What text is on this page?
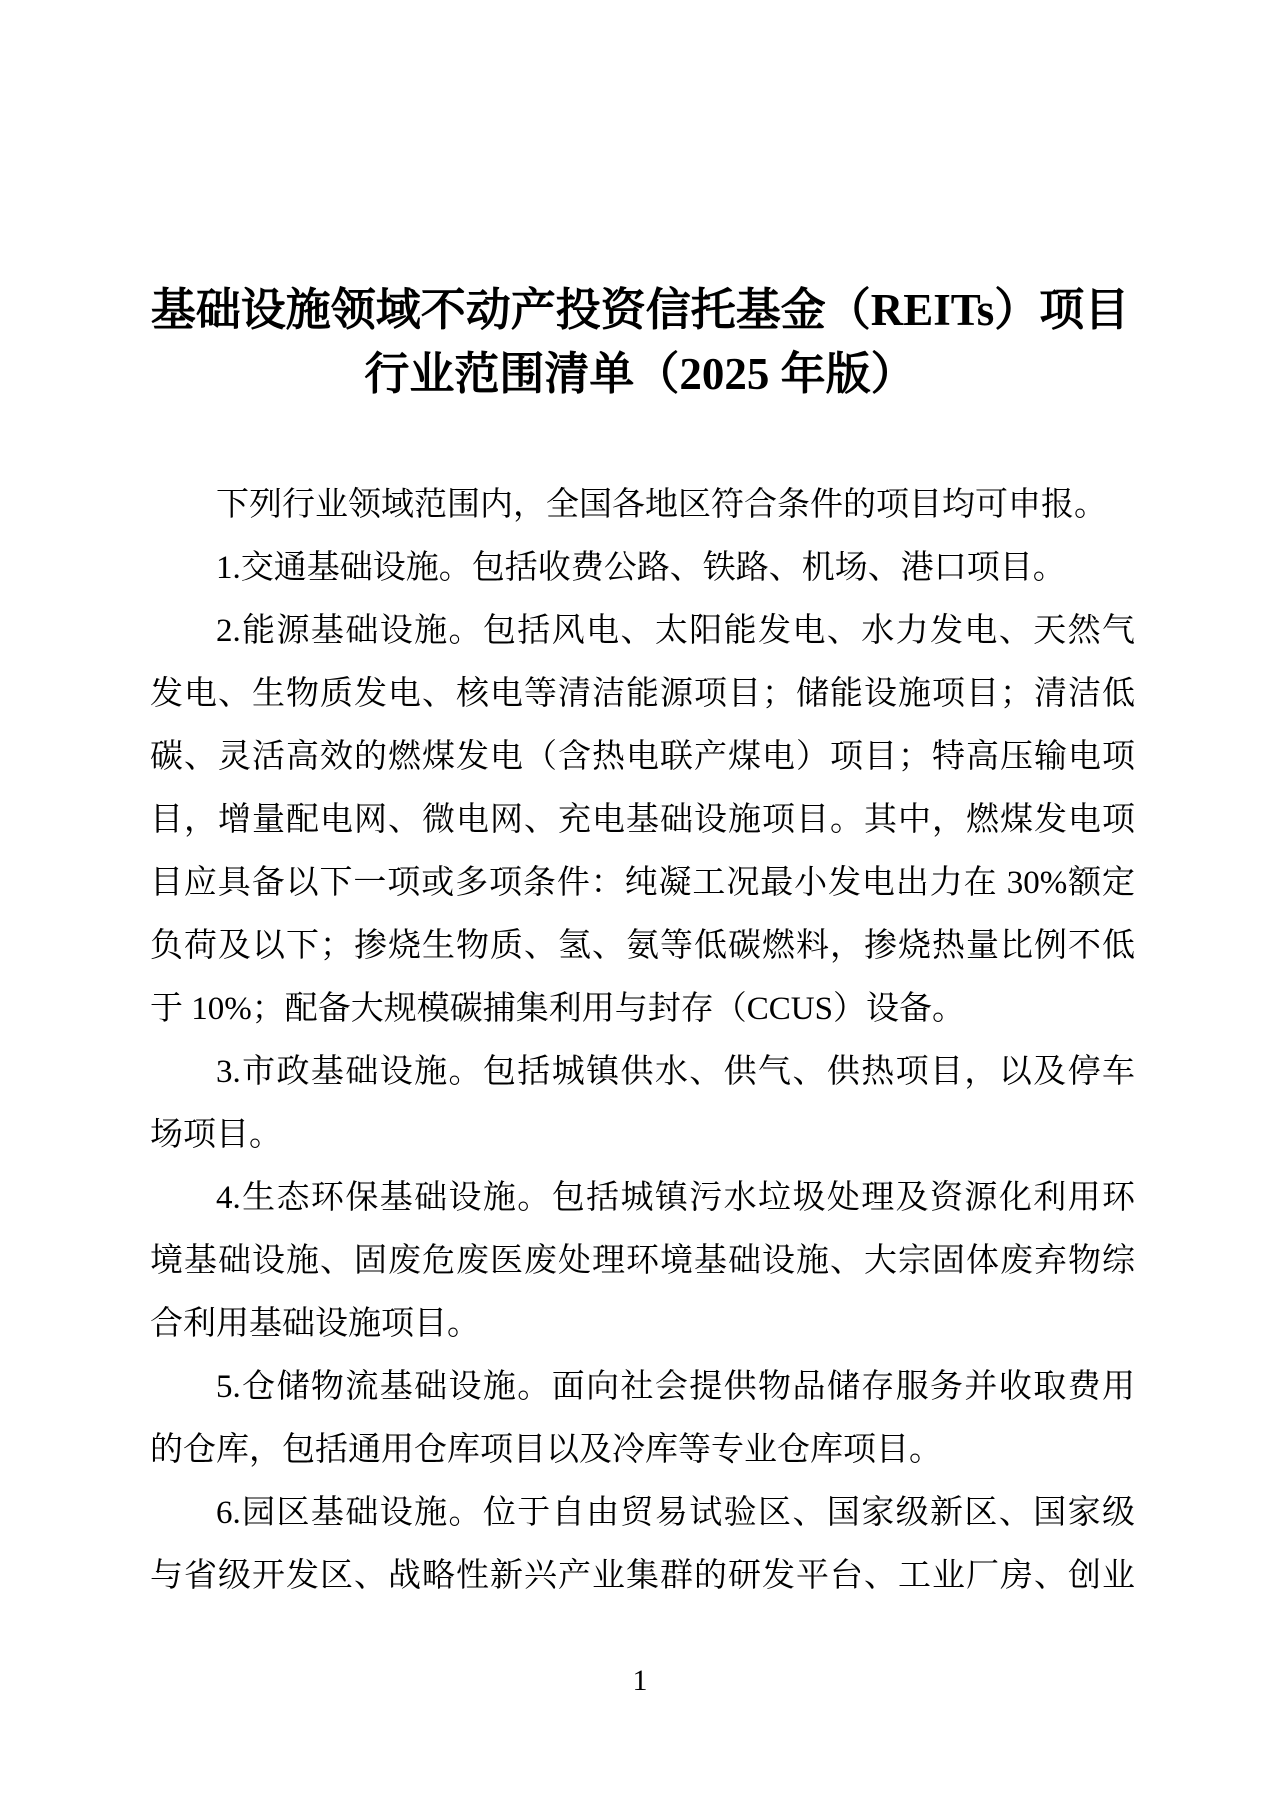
基础设施领域不动产投资信托基金（REITs）项目
行业范围清单（2025 年版）
下列行业领域范围内，全国各地区符合条件的项目均可申报。
1.交通基础设施。包括收费公路、铁路、机场、港口项目。
2.能源基础设施。包括风电、太阳能发电、水力发电、天然气
发电、生物质发电、核电等清洁能源项目；储能设施项目；清洁低
碳、灵活高效的燃煤发电（含热电联产煤电）项目；特高压输电项
目，增量配电网、微电网、充电基础设施项目。其中，燃煤发电项
目应具备以下一项或多项条件：纯凝工况最小发电出力在 30%额定
负荷及以下；掺烧生物质、氢、氨等低碳燃料，掺烧热量比例不低
于 10%；配备大规模碳捕集利用与封存（CCUS）设备。
3.市政基础设施。包括城镇供水、供气、供热项目，以及停车
场项目。
4.生态环保基础设施。包括城镇污水垃圾处理及资源化利用环
境基础设施、固废危废医废处理环境基础设施、大宗固体废弃物综
合利用基础设施项目。
5.仓储物流基础设施。面向社会提供物品储存服务并收取费用
的仓库，包括通用仓库项目以及冷库等专业仓库项目。
6.园区基础设施。位于自由贸易试验区、国家级新区、国家级
与省级开发区、战略性新兴产业集群的研发平台、工业厂房、创业
1
